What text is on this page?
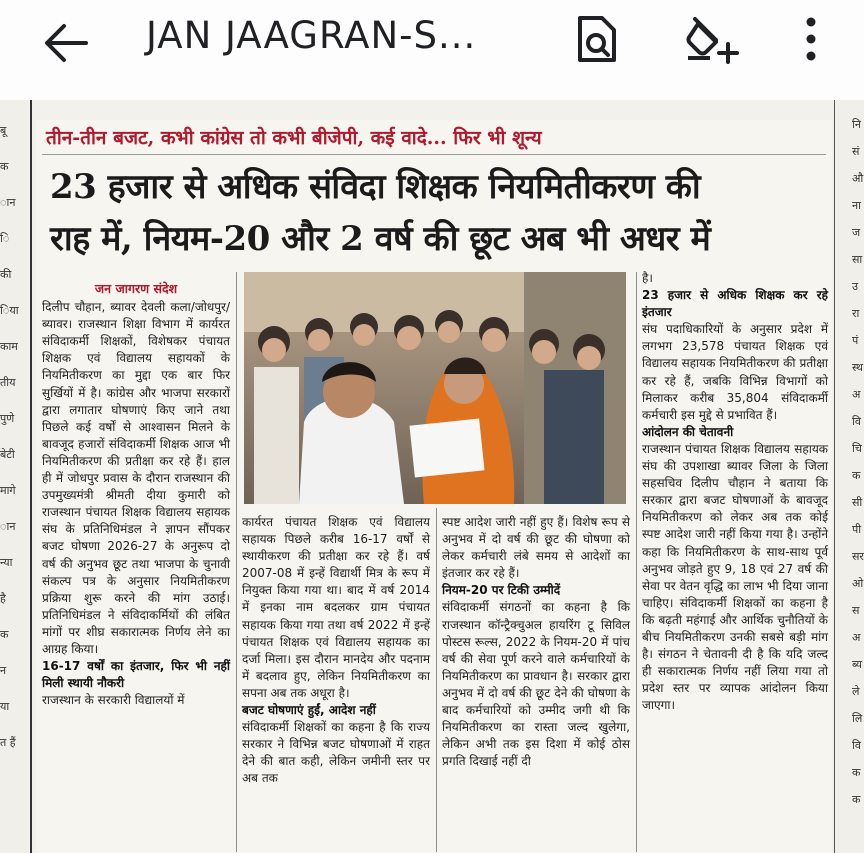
JAN JAAGRAN-S...
बू
क
ान
ि
की
िया
काम
तीय
पुणे
बेटी
मागे
ान
न्या
है
क
न
या
त हैं
नि
सं
औ
ना
ज
सा
उ
रा
पं
स्थ
अ
वि
चि
क
सी
पी
सर
ओ
स
अ
ब्य
ले
लि
वि
क
क
तीन-तीन बजट, कभी कांग्रेस तो कभी बीजेपी, कई वादे... फिर भी शून्य
23 हजार से अधिक संविदा शिक्षक नियमितीकरण की
राह में, नियम-20 और 2 वर्ष की छूट अब भी अधर में
जन जागरण संदेश
दिलीप चौहान, ब्यावर देवली कला/जोधपुर/ब्यावर। राजस्थान शिक्षा विभाग में कार्यरत संविदाकर्मी शिक्षकों, विशेषकर पंचायत शिक्षक एवं विद्यालय सहायकों के नियमितीकरण का मुद्दा एक बार फिर सुर्खियों में है। कांग्रेस और भाजपा सरकारों द्वारा लगातार घोषणाएं किए जाने तथा पिछले कई वर्षों से आश्वासन मिलने के बावजूद हजारों संविदाकर्मी शिक्षक आज भी नियमितीकरण की प्रतीक्षा कर रहे हैं। हाल ही में जोधपुर प्रवास के दौरान राजस्थान की उपमुख्यमंत्री श्रीमती दीया कुमारी को राजस्थान पंचायत शिक्षक विद्यालय सहायक संघ के प्रतिनिधिमंडल ने ज्ञापन सौंपकर बजट घोषणा 2026-27 के अनुरूप दो वर्ष की अनुभव छूट तथा भाजपा के चुनावी संकल्प पत्र के अनुसार नियमितीकरण प्रक्रिया शुरू करने की मांग उठाई। प्रतिनिधिमंडल ने संविदाकर्मियों की लंबित मांगों पर शीघ्र सकारात्मक निर्णय लेने का आग्रह किया।
16-17 वर्षों का इंतजार, फिर भी नहीं मिली स्थायी नौकरी
राजस्थान के सरकारी विद्यालयों में
कार्यरत पंचायत शिक्षक एवं विद्यालय सहायक पिछले करीब 16-17 वर्षों से स्थायीकरण की प्रतीक्षा कर रहे हैं। वर्ष 2007-08 में इन्हें विद्यार्थी मित्र के रूप में नियुक्त किया गया था। बाद में वर्ष 2014 में इनका नाम बदलकर ग्राम पंचायत सहायक किया गया तथा वर्ष 2022 में इन्हें पंचायत शिक्षक एवं विद्यालय सहायक का दर्जा मिला। इस दौरान मानदेय और पदनाम में बदलाव हुए, लेकिन नियमितीकरण का सपना अब तक अधूरा है।
बजट घोषणाएं हुईं, आदेश नहीं
संविदाकर्मी शिक्षकों का कहना है कि राज्य सरकार ने विभिन्न बजट घोषणाओं में राहत देने की बात कही, लेकिन जमीनी स्तर पर अब तक
स्पष्ट आदेश जारी नहीं हुए हैं। विशेष रूप से अनुभव में दो वर्ष की छूट की घोषणा को लेकर कर्मचारी लंबे समय से आदेशों का इंतजार कर रहे हैं।
नियम-20 पर टिकी उम्मीदें
संविदाकर्मी संगठनों का कहना है कि राजस्थान कॉन्ट्रैक्चुअल हायरिंग टू सिविल पोस्टस रूल्स, 2022 के नियम-20 में पांच वर्ष की सेवा पूर्ण करने वाले कर्मचारियों के नियमितीकरण का प्रावधान है। सरकार द्वारा अनुभव में दो वर्ष की छूट देने की घोषणा के बाद कर्मचारियों को उम्मीद जगी थी कि नियमितीकरण का रास्ता जल्द खुलेगा, लेकिन अभी तक इस दिशा में कोई ठोस प्रगति दिखाई नहीं दी
है।
23 हजार से अधिक शिक्षक कर रहे इंतजार
संघ पदाधिकारियों के अनुसार प्रदेश में लगभग 23,578 पंचायत शिक्षक एवं विद्यालय सहायक नियमितीकरण की प्रतीक्षा कर रहे हैं, जबकि विभिन्न विभागों को मिलाकर करीब 35,804 संविदाकर्मी कर्मचारी इस मुद्दे से प्रभावित हैं।
आंदोलन की चेतावनी
राजस्थान पंचायत शिक्षक विद्यालय सहायक संघ की उपशाखा ब्यावर जिला के जिला सहसचिव दिलीप चौहान ने बताया कि सरकार द्वारा बजट घोषणाओं के बावजूद नियमितीकरण को लेकर अब तक कोई स्पष्ट आदेश जारी नहीं किया गया है। उन्होंने कहा कि नियमितीकरण के साथ-साथ पूर्व अनुभव जोड़ते हुए 9, 18 एवं 27 वर्ष की सेवा पर वेतन वृद्धि का लाभ भी दिया जाना चाहिए। संविदाकर्मी शिक्षकों का कहना है कि बढ़ती महंगाई और आर्थिक चुनौतियों के बीच नियमितीकरण उनकी सबसे बड़ी मांग है। संगठन ने चेतावनी दी है कि यदि जल्द ही सकारात्मक निर्णय नहीं लिया गया तो प्रदेश स्तर पर व्यापक आंदोलन किया जाएगा।
